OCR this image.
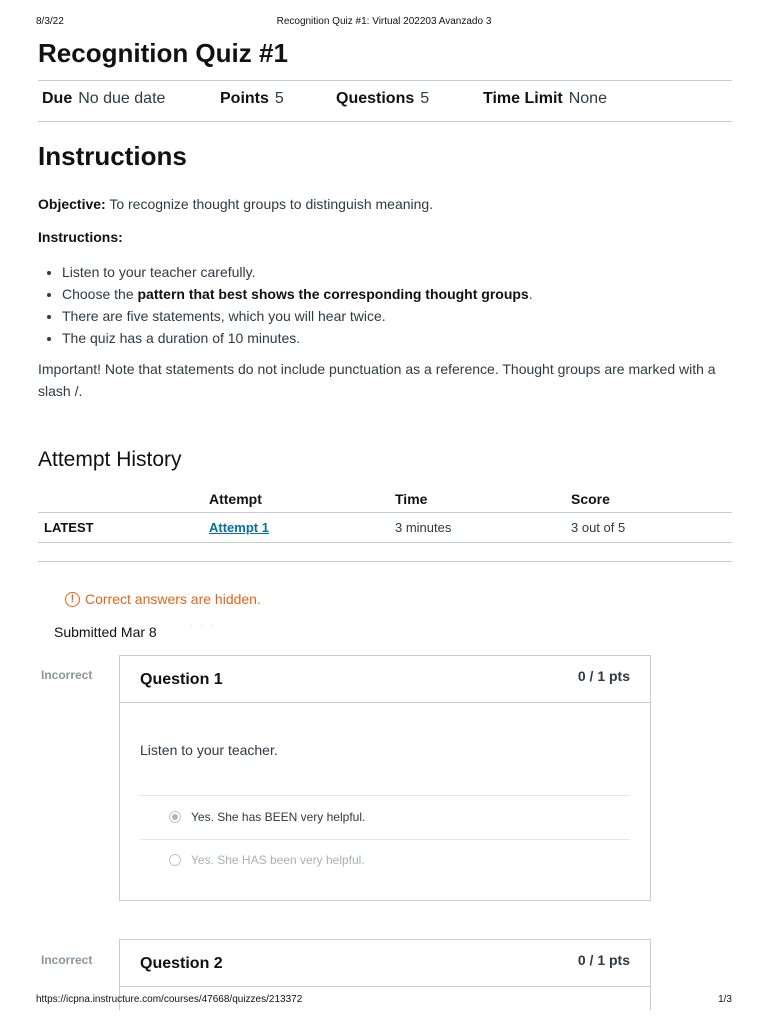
8/3/22	Recognition Quiz #1: Virtual 202203 Avanzado 3
Recognition Quiz #1
Due No due date	Points 5	Questions 5	Time Limit None
Instructions

Objective: To recognize thought groups to distinguish meaning.

Instructions:

• Listen to your teacher carefully.
• Choose the pattern that best shows the corresponding thought groups.
• There are five statements, which you will hear twice.
• The quiz has a duration of 10 minutes.

Important! Note that statements do not include punctuation as a reference. Thought groups are marked with a slash /.

Attempt History
	Attempt	Time	Score
LATEST	Attempt 1	3 minutes	3 out of 5
! Correct answers are hidden.
Submitted Mar 8	· · ·
Incorrect	Question 1	0 / 1 pts
Listen to your teacher.
Yes. She has BEEN very helpful.
Yes. She HAS been very helpful.
Incorrect	Question 2	0 / 1 pts
https://icpna.instructure.com/courses/47668/quizzes/213372	1/3
